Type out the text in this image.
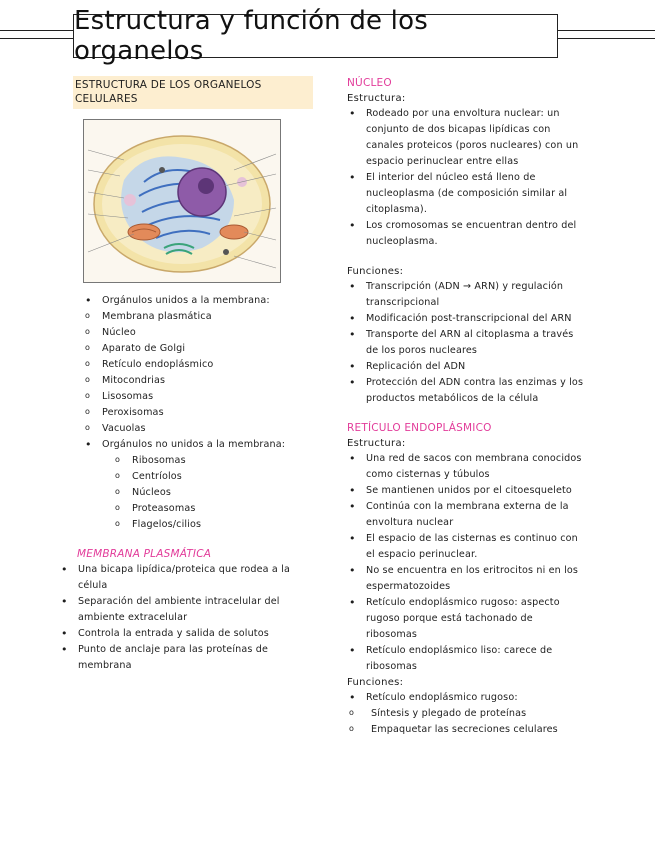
Estructura y función de los organelos
ESTRUCTURA DE LOS ORGANELOS CELULARES
• Orgánulos unidos a la membrana:
o Membrana plasmática
o Núcleo
o Aparato de Golgi
o Retículo endoplásmico
o Mitocondrias
o Lisosomas
o Peroxisomas
o Vacuolas
• Orgánulos no unidos a la membrana:
o Ribosomas
o Centríolos
o Núcleos
o Proteasomas
o Flagelos/cilios
MEMBRANA PLASMÁTICA
• Una bicapa lipídica/proteica que rodea a la célula
• Separación del ambiente intracelular del ambiente extracelular
• Controla la entrada y salida de solutos
• Punto de anclaje para las proteínas de membrana
NÚCLEO
Estructura:
• Rodeado por una envoltura nuclear: un conjunto de dos bicapas lipídicas con canales proteicos (poros nucleares) con un espacio perinuclear entre ellas
• El interior del núcleo está lleno de nucleoplasma (de composición similar al citoplasma).
• Los cromosomas se encuentran dentro del nucleoplasma.
Funciones:
• Transcripción (ADN → ARN) y regulación transcripcional
• Modificación post-transcripcional del ARN
• Transporte del ARN al citoplasma a través de los poros nucleares
• Replicación del ADN
• Protección del ADN contra las enzimas y los productos metabólicos de la célula
RETÍCULO ENDOPLÁSMICO
Estructura:
• Una red de sacos con membrana conocidos como cisternas y túbulos
• Se mantienen unidos por el citoesqueleto
• Continúa con la membrana externa de la envoltura nuclear
• El espacio de las cisternas es continuo con el espacio perinuclear.
• No se encuentra en los eritrocitos ni en los espermatozoides
• Retículo endoplásmico rugoso: aspecto rugoso porque está tachonado de ribosomas
• Retículo endoplásmico liso: carece de ribosomas
Funciones:
• Retículo endoplásmico rugoso:
o Síntesis y plegado de proteínas
o Empaquetar las secreciones celulares
